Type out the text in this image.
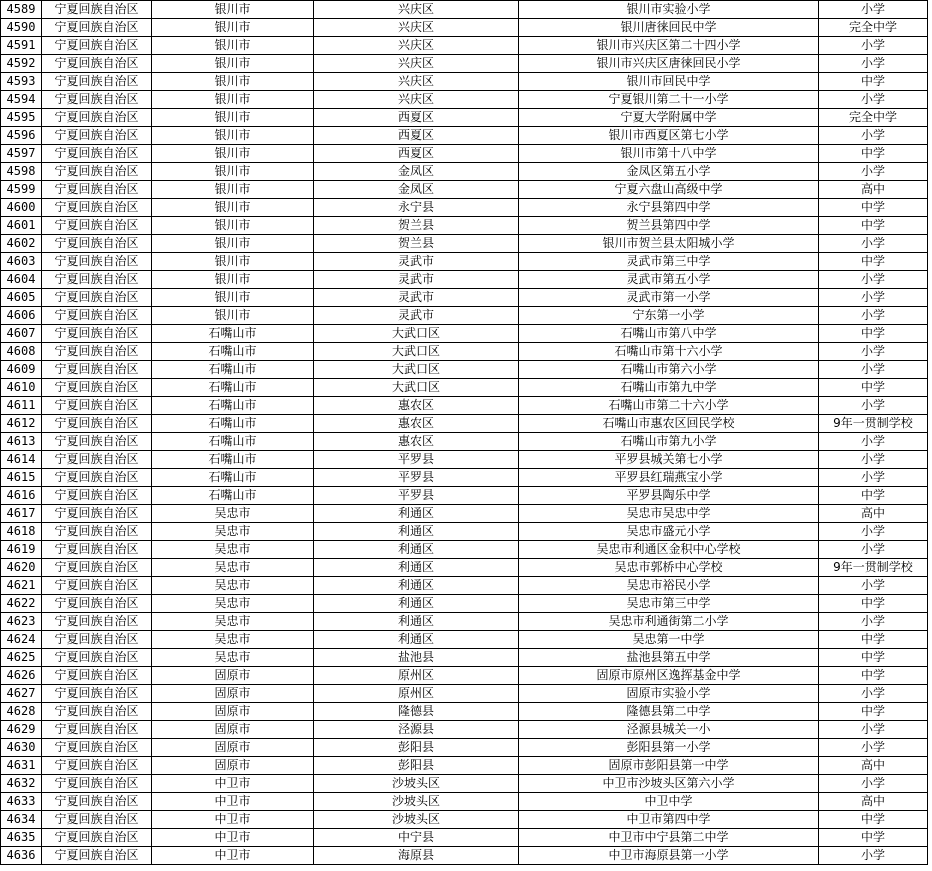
4589	宁夏回族自治区	银川市	兴庆区	银川市实验小学	小学
4590	宁夏回族自治区	银川市	兴庆区	银川唐徕回民中学	完全中学
4591	宁夏回族自治区	银川市	兴庆区	银川市兴庆区第二十四小学	小学
4592	宁夏回族自治区	银川市	兴庆区	银川市兴庆区唐徕回民小学	小学
4593	宁夏回族自治区	银川市	兴庆区	银川市回民中学	中学
4594	宁夏回族自治区	银川市	兴庆区	宁夏银川第二十一小学	小学
4595	宁夏回族自治区	银川市	西夏区	宁夏大学附属中学	完全中学
4596	宁夏回族自治区	银川市	西夏区	银川市西夏区第七小学	小学
4597	宁夏回族自治区	银川市	西夏区	银川市第十八中学	中学
4598	宁夏回族自治区	银川市	金凤区	金凤区第五小学	小学
4599	宁夏回族自治区	银川市	金凤区	宁夏六盘山高级中学	高中
4600	宁夏回族自治区	银川市	永宁县	永宁县第四中学	中学
4601	宁夏回族自治区	银川市	贺兰县	贺兰县第四中学	中学
4602	宁夏回族自治区	银川市	贺兰县	银川市贺兰县太阳城小学	小学
4603	宁夏回族自治区	银川市	灵武市	灵武市第三中学	中学
4604	宁夏回族自治区	银川市	灵武市	灵武市第五小学	小学
4605	宁夏回族自治区	银川市	灵武市	灵武市第一小学	小学
4606	宁夏回族自治区	银川市	灵武市	宁东第一小学	小学
4607	宁夏回族自治区	石嘴山市	大武口区	石嘴山市第八中学	中学
4608	宁夏回族自治区	石嘴山市	大武口区	石嘴山市第十六小学	小学
4609	宁夏回族自治区	石嘴山市	大武口区	石嘴山市第六小学	小学
4610	宁夏回族自治区	石嘴山市	大武口区	石嘴山市第九中学	中学
4611	宁夏回族自治区	石嘴山市	惠农区	石嘴山市第二十六小学	小学
4612	宁夏回族自治区	石嘴山市	惠农区	石嘴山市惠农区回民学校	9年一贯制学校
4613	宁夏回族自治区	石嘴山市	惠农区	石嘴山市第九小学	小学
4614	宁夏回族自治区	石嘴山市	平罗县	平罗县城关第七小学	小学
4615	宁夏回族自治区	石嘴山市	平罗县	平罗县红瑞燕宝小学	小学
4616	宁夏回族自治区	石嘴山市	平罗县	平罗县陶乐中学	中学
4617	宁夏回族自治区	吴忠市	利通区	吴忠市吴忠中学	高中
4618	宁夏回族自治区	吴忠市	利通区	吴忠市盛元小学	小学
4619	宁夏回族自治区	吴忠市	利通区	吴忠市利通区金积中心学校	小学
4620	宁夏回族自治区	吴忠市	利通区	吴忠市郭桥中心学校	9年一贯制学校
4621	宁夏回族自治区	吴忠市	利通区	吴忠市裕民小学	小学
4622	宁夏回族自治区	吴忠市	利通区	吴忠市第三中学	中学
4623	宁夏回族自治区	吴忠市	利通区	吴忠市利通街第二小学	小学
4624	宁夏回族自治区	吴忠市	利通区	吴忠第一中学	中学
4625	宁夏回族自治区	吴忠市	盐池县	盐池县第五中学	中学
4626	宁夏回族自治区	固原市	原州区	固原市原州区逸挥基金中学	中学
4627	宁夏回族自治区	固原市	原州区	固原市实验小学	小学
4628	宁夏回族自治区	固原市	隆德县	隆德县第二中学	中学
4629	宁夏回族自治区	固原市	泾源县	泾源县城关一小	小学
4630	宁夏回族自治区	固原市	彭阳县	彭阳县第一小学	小学
4631	宁夏回族自治区	固原市	彭阳县	固原市彭阳县第一中学	高中
4632	宁夏回族自治区	中卫市	沙坡头区	中卫市沙坡头区第六小学	小学
4633	宁夏回族自治区	中卫市	沙坡头区	中卫中学	高中
4634	宁夏回族自治区	中卫市	沙坡头区	中卫市第四中学	中学
4635	宁夏回族自治区	中卫市	中宁县	中卫市中宁县第二中学	中学
4636	宁夏回族自治区	中卫市	海原县	中卫市海原县第一小学	小学
